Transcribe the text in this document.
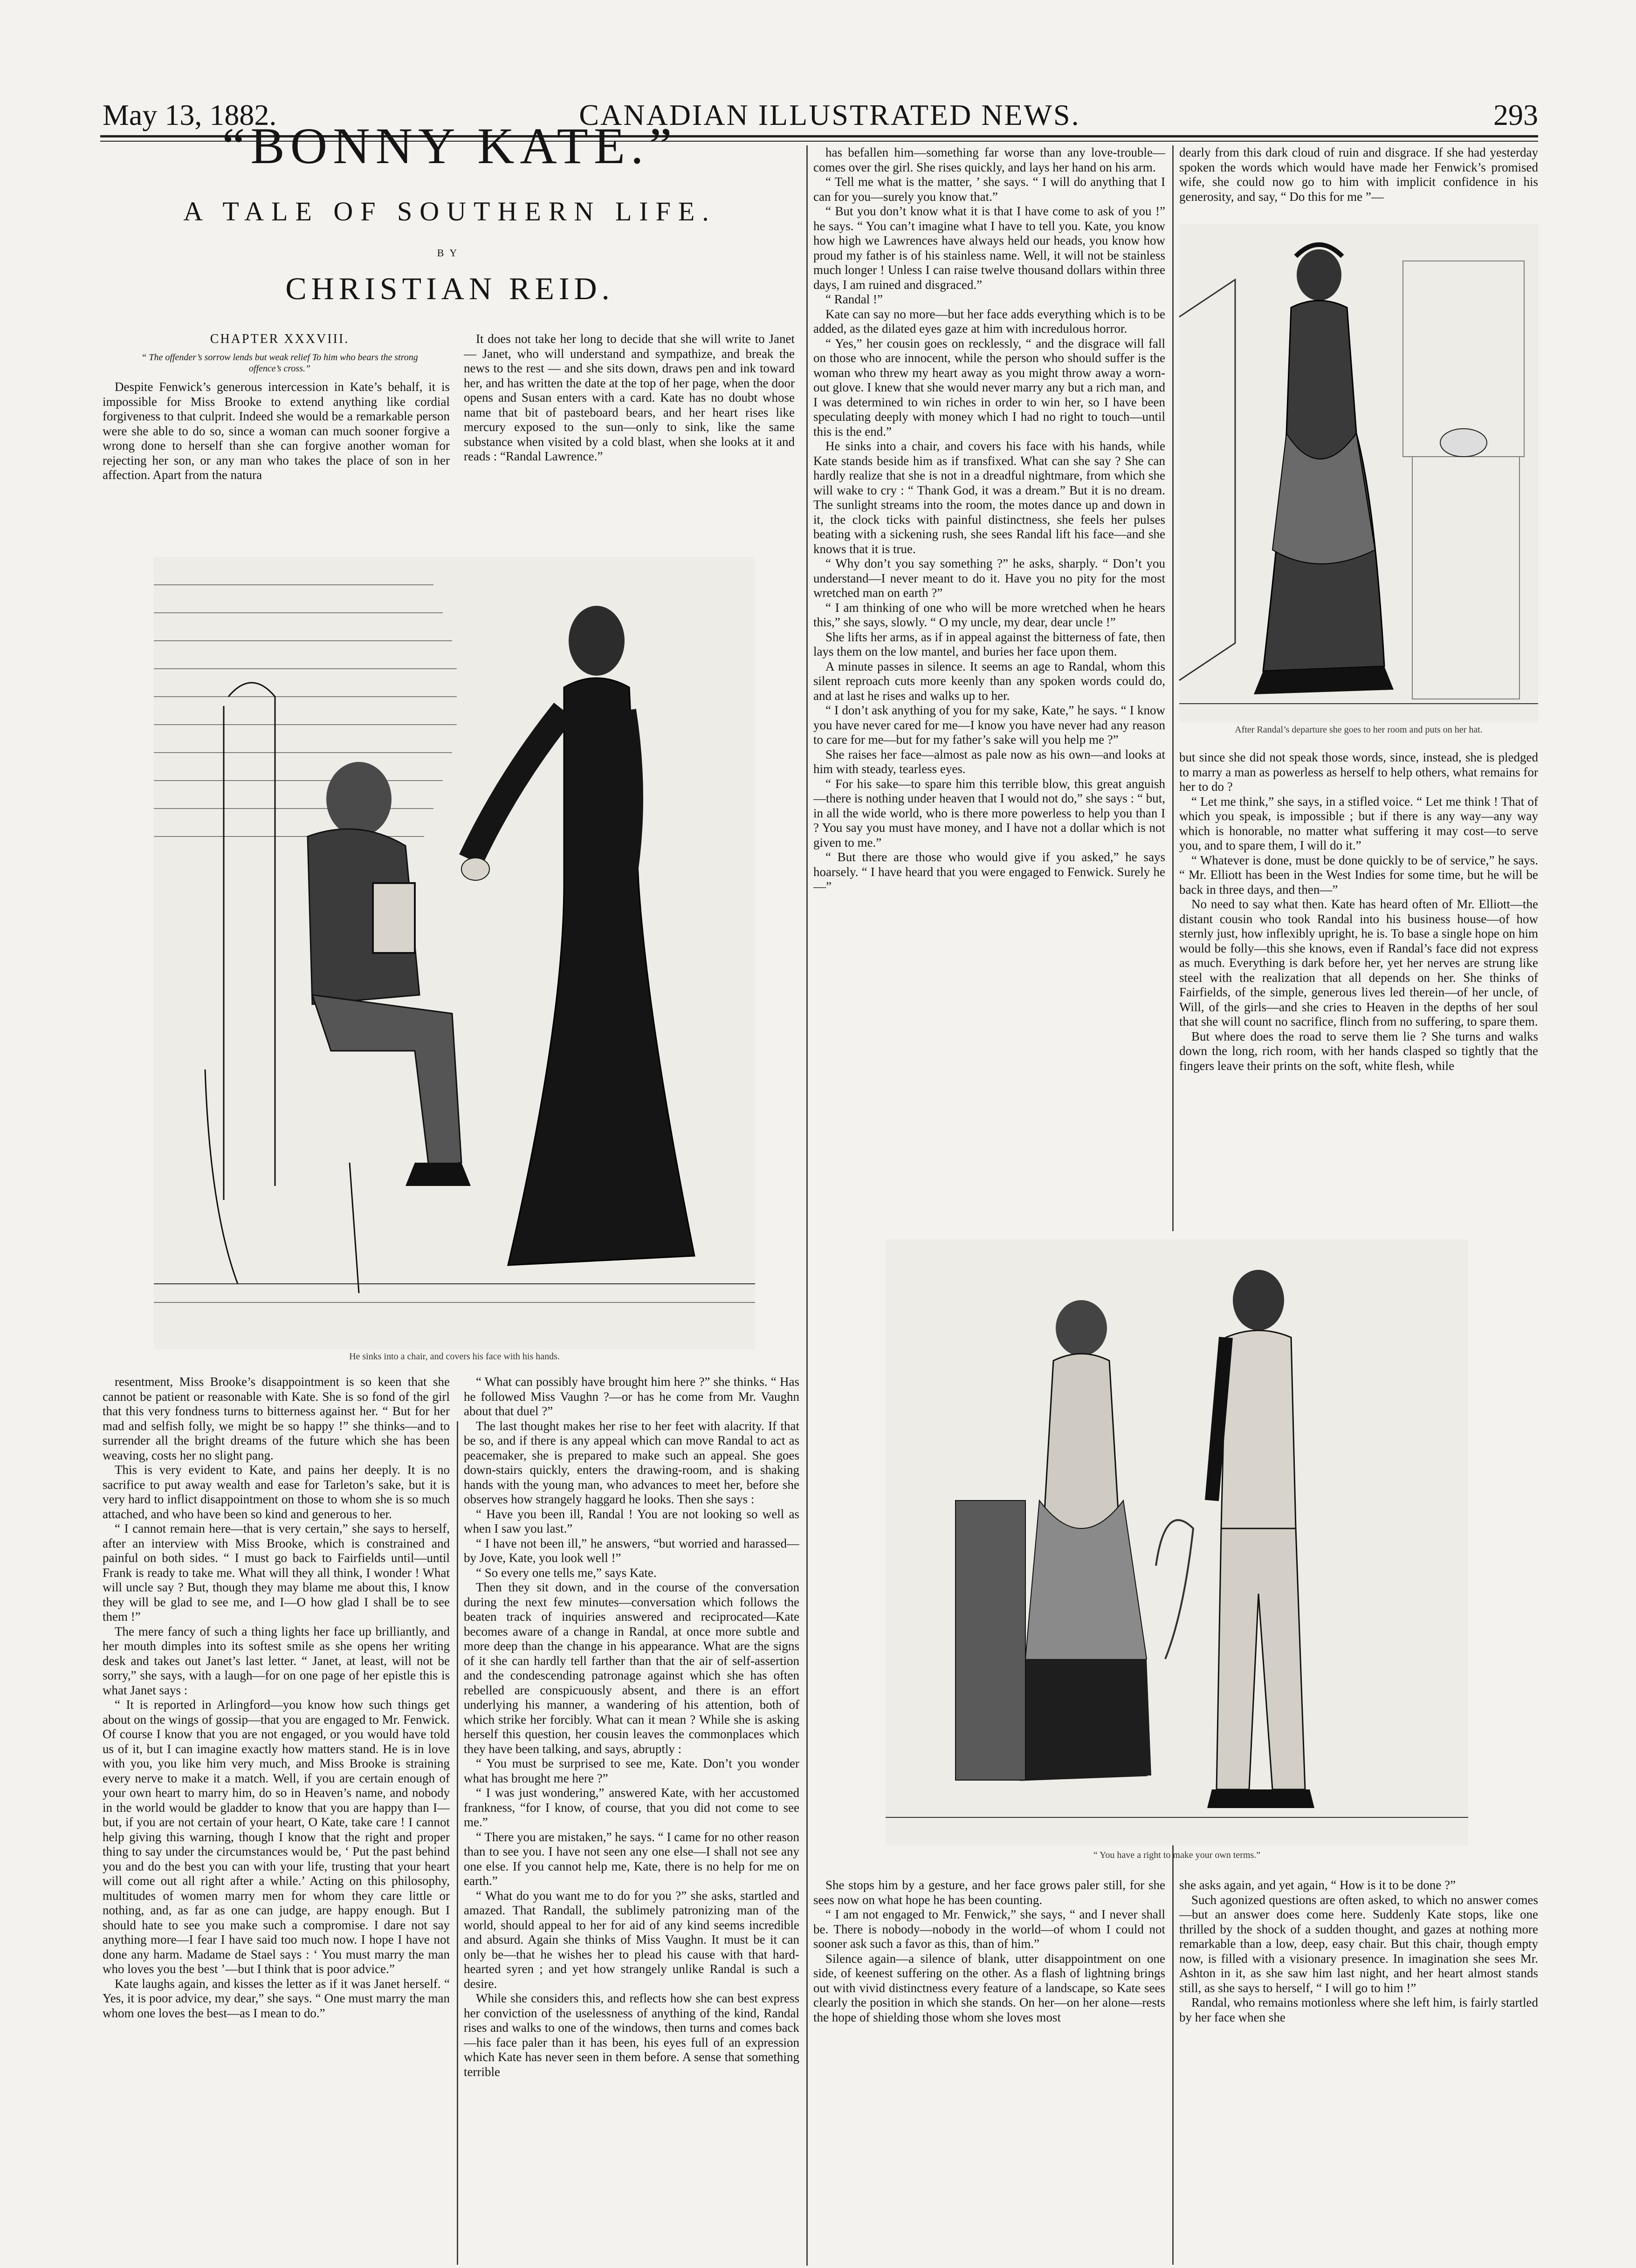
May 13, 1882.	CANADIAN ILLUSTRATED NEWS.	293
“BONNY KATE.”
A TALE OF SOUTHERN LIFE.
BY
CHRISTIAN REID.
CHAPTER XXXVIII.
“ The offender’s sorrow lends but weak relief To him who bears the strong offence’s cross.”

Despite Fenwick’s generous intercession in Kate’s behalf, it is impossible for Miss Brooke to extend anything like cordial forgiveness to that culprit. Indeed she would be a remarkable person were she able to do so, since a woman can much sooner forgive a wrong done to herself than she can forgive another woman for rejecting her son, or any man who takes the place of son in her affection. Apart from the natura

It does not take her long to decide that she will write to Janet — Janet, who will understand and sympathize, and break the news to the rest — and she sits down, draws pen and ink toward her, and has written the date at the top of her page, when the door opens and Susan enters with a card. Kate has no doubt whose name that bit of pasteboard bears, and her heart rises like mercury exposed to the sun—only to sink, like the same substance when visited by a cold blast, when she looks at it and reads : “Randal Lawrence.”

He sinks into a chair, and covers his face with his hands.

resentment, Miss Brooke’s disappointment is so keen that she cannot be patient or reasonable with Kate. She is so fond of the girl that this very fondness turns to bitterness against her. “ But for her mad and selfish folly, we might be so happy !” she thinks—and to surrender all the bright dreams of the future which she has been weaving, costs her no slight pang.

This is very evident to Kate, and pains her deeply. It is no sacrifice to put away wealth and ease for Tarleton’s sake, but it is very hard to inflict disappointment on those to whom she is so much attached, and who have been so kind and generous to her.

“ I cannot remain here—that is very certain,” she says to herself, after an interview with Miss Brooke, which is constrained and painful on both sides. “ I must go back to Fairfields until—until Frank is ready to take me. What will they all think, I wonder ! What will uncle say ? But, though they may blame me about this, I know they will be glad to see me, and I—O how glad I shall be to see them !”

The mere fancy of such a thing lights her face up brilliantly, and her mouth dimples into its softest smile as she opens her writing desk and takes out Janet’s last letter. “ Janet, at least, will not be sorry,” she says, with a laugh—for on one page of her epistle this is what Janet says :

“ It is reported in Arlingford—you know how such things get about on the wings of gossip—that you are engaged to Mr. Fenwick. Of course I know that you are not engaged, or you would have told us of it, but I can imagine exactly how matters stand. He is in love with you, you like him very much, and Miss Brooke is straining every nerve to make it a match. Well, if you are certain enough of your own heart to marry him, do so in Heaven’s name, and nobody in the world would be gladder to know that you are happy than I—but, if you are not certain of your heart, O Kate, take care ! I cannot help giving this warning, though I know that the right and proper thing to say under the circumstances would be, ‘ Put the past behind you and do the best you can with your life, trusting that your heart will come out all right after a while.’ Acting on this philosophy, multitudes of women marry men for whom they care little or nothing, and, as far as one can judge, are happy enough. But I should hate to see you make such a compromise. I dare not say anything more—I fear I have said too much now. I hope I have not done any harm. Madame de Stael says : ‘ You must marry the man who loves you the best ’—but I think that is poor advice.”

Kate laughs again, and kisses the letter as if it was Janet herself. “ Yes, it is poor advice, my dear,” she says. “ One must marry the man whom one loves the best—as I mean to do.”

“ What can possibly have brought him here ?” she thinks. “ Has he followed Miss Vaughn ?—or has he come from Mr. Vaughn about that duel ?”

The last thought makes her rise to her feet with alacrity. If that be so, and if there is any appeal which can move Randal to act as peacemaker, she is prepared to make such an appeal. She goes down-stairs quickly, enters the drawing-room, and is shaking hands with the young man, who advances to meet her, before she observes how strangely haggard he looks. Then she says :

“ Have you been ill, Randal ! You are not looking so well as when I saw you last.”

“ I have not been ill,” he answers, “but worried and harassed—by Jove, Kate, you look well !”

“ So every one tells me,” says Kate.

Then they sit down, and in the course of the conversation during the next few minutes—conversation which follows the beaten track of inquiries answered and reciprocated—Kate becomes aware of a change in Randal, at once more subtle and more deep than the change in his appearance. What are the signs of it she can hardly tell farther than that the air of self-assertion and the condescending patronage against which she has often rebelled are conspicuously absent, and there is an effort underlying his manner, a wandering of his attention, both of which strike her forcibly. What can it mean ? While she is asking herself this question, her cousin leaves the commonplaces which they have been talking, and says, abruptly :

“ You must be surprised to see me, Kate. Don’t you wonder what has brought me here ?”

“ I was just wondering,” answered Kate, with her accustomed frankness, “for I know, of course, that you did not come to see me.”

“ There you are mistaken,” he says. “ I came for no other reason than to see you. I have not seen any one else—I shall not see any one else. If you cannot help me, Kate, there is no help for me on earth.”

“ What do you want me to do for you ?” she asks, startled and amazed. That Randall, the sublimely patronizing man of the world, should appeal to her for aid of any kind seems incredible and absurd. Again she thinks of Miss Vaughn. It must be it can only be—that he wishes her to plead his cause with that hard-hearted syren ; and yet how strangely unlike Randal is such a desire.

While she considers this, and reflects how she can best express her conviction of the uselessness of anything of the kind, Randal rises and walks to one of the windows, then turns and comes back—his face paler than it has been, his eyes full of an expression which Kate has never seen in them before. A sense that something terrible

has befallen him—something far worse than any love-trouble—comes over the girl. She rises quickly, and lays her hand on his arm.

“ Tell me what is the matter, ’ she says. “ I will do anything that I can for you—surely you know that.”

“ But you don’t know what it is that I have come to ask of you !” he says. “ You can’t imagine what I have to tell you. Kate, you know how high we Lawrences have always held our heads, you know how proud my father is of his stainless name. Well, it will not be stainless much longer ! Unless I can raise twelve thousand dollars within three days, I am ruined and disgraced.”

“ Randal !”

Kate can say no more—but her face adds everything which is to be added, as the dilated eyes gaze at him with incredulous horror.

“ Yes,” her cousin goes on recklessly, “ and the disgrace will fall on those who are innocent, while the person who should suffer is the woman who threw my heart away as you might throw away a worn-out glove. I knew that she would never marry any but a rich man, and I was determined to win riches in order to win her, so I have been speculating deeply with money which I had no right to touch—until this is the end.”

He sinks into a chair, and covers his face with his hands, while Kate stands beside him as if transfixed. What can she say ? She can hardly realize that she is not in a dreadful nightmare, from which she will wake to cry : “ Thank God, it was a dream.” But it is no dream. The sunlight streams into the room, the motes dance up and down in it, the clock ticks with painful distinctness, she feels her pulses beating with a sickening rush, she sees Randal lift his face—and she knows that it is true.

“ Why don’t you say something ?” he asks, sharply. “ Don’t you understand—I never meant to do it. Have you no pity for the most wretched man on earth ?”

“ I am thinking of one who will be more wretched when he hears this,” she says, slowly. “ O my uncle, my dear, dear uncle !”

She lifts her arms, as if in appeal against the bitterness of fate, then lays them on the low mantel, and buries her face upon them.

A minute passes in silence. It seems an age to Randal, whom this silent reproach cuts more keenly than any spoken words could do, and at last he rises and walks up to her.

“ I don’t ask anything of you for my sake, Kate,” he says. “ I know you have never cared for me—I know you have never had any reason to care for me—but for my father’s sake will you help me ?”

She raises her face—almost as pale now as his own—and looks at him with steady, tearless eyes.

“ For his sake—to spare him this terrible blow, this great anguish—there is nothing under heaven that I would not do,” she says : “ but, in all the wide world, who is there more powerless to help you than I ? You say you must have money, and I have not a dollar which is not given to me.”

“ But there are those who would give if you asked,” he says hoarsely. “ I have heard that you were engaged to Fenwick. Surely he—”

dearly from this dark cloud of ruin and disgrace. If she had yesterday spoken the words which would have made her Fenwick’s promised wife, she could now go to him with implicit confidence in his generosity, and say, “ Do this for me ”—

After Randal’s departure she goes to her room and puts on her hat.

but since she did not speak those words, since, instead, she is pledged to marry a man as powerless as herself to help others, what remains for her to do ?

“ Let me think,” she says, in a stifled voice. “ Let me think ! That of which you speak, is impossible ; but if there is any way—any way which is honorable, no matter what suffering it may cost—to serve you, and to spare them, I will do it.”

“ Whatever is done, must be done quickly to be of service,” he says. “ Mr. Elliott has been in the West Indies for some time, but he will be back in three days, and then—”

No need to say what then. Kate has heard often of Mr. Elliott—the distant cousin who took Randal into his business house—of how sternly just, how inflexibly upright, he is. To base a single hope on him would be folly—this she knows, even if Randal’s face did not express as much. Everything is dark before her, yet her nerves are strung like steel with the realization that all depends on her. She thinks of Fairfields, of the simple, generous lives led therein—of her uncle, of Will, of the girls—and she cries to Heaven in the depths of her soul that she will count no sacrifice, flinch from no suffering, to spare them.

But where does the road to serve them lie ? She turns and walks down the long, rich room, with her hands clasped so tightly that the fingers leave their prints on the soft, white flesh, while

“ You have a right to make your own terms.”

She stops him by a gesture, and her face grows paler still, for she sees now on what hope he has been counting.

“ I am not engaged to Mr. Fenwick,” she says, “ and I never shall be. There is nobody—nobody in the world—of whom I could not sooner ask such a favor as this, than of him.”

Silence again—a silence of blank, utter disappointment on one side, of keenest suffering on the other. As a flash of lightning brings out with vivid distinctness every feature of a landscape, so Kate sees clearly the position in which she stands. On her—on her alone—rests the hope of shielding those whom she loves most

she asks again, and yet again, “ How is it to be done ?”

Such agonized questions are often asked, to which no answer comes—but an answer does come here. Suddenly Kate stops, like one thrilled by the shock of a sudden thought, and gazes at nothing more remarkable than a low, deep, easy chair. But this chair, though empty now, is filled with a visionary presence. In imagination she sees Mr. Ashton in it, as she saw him last night, and her heart almost stands still, as she says to herself, “ I will go to him !”

Randal, who remains motionless where she left him, is fairly startled by her face when she
